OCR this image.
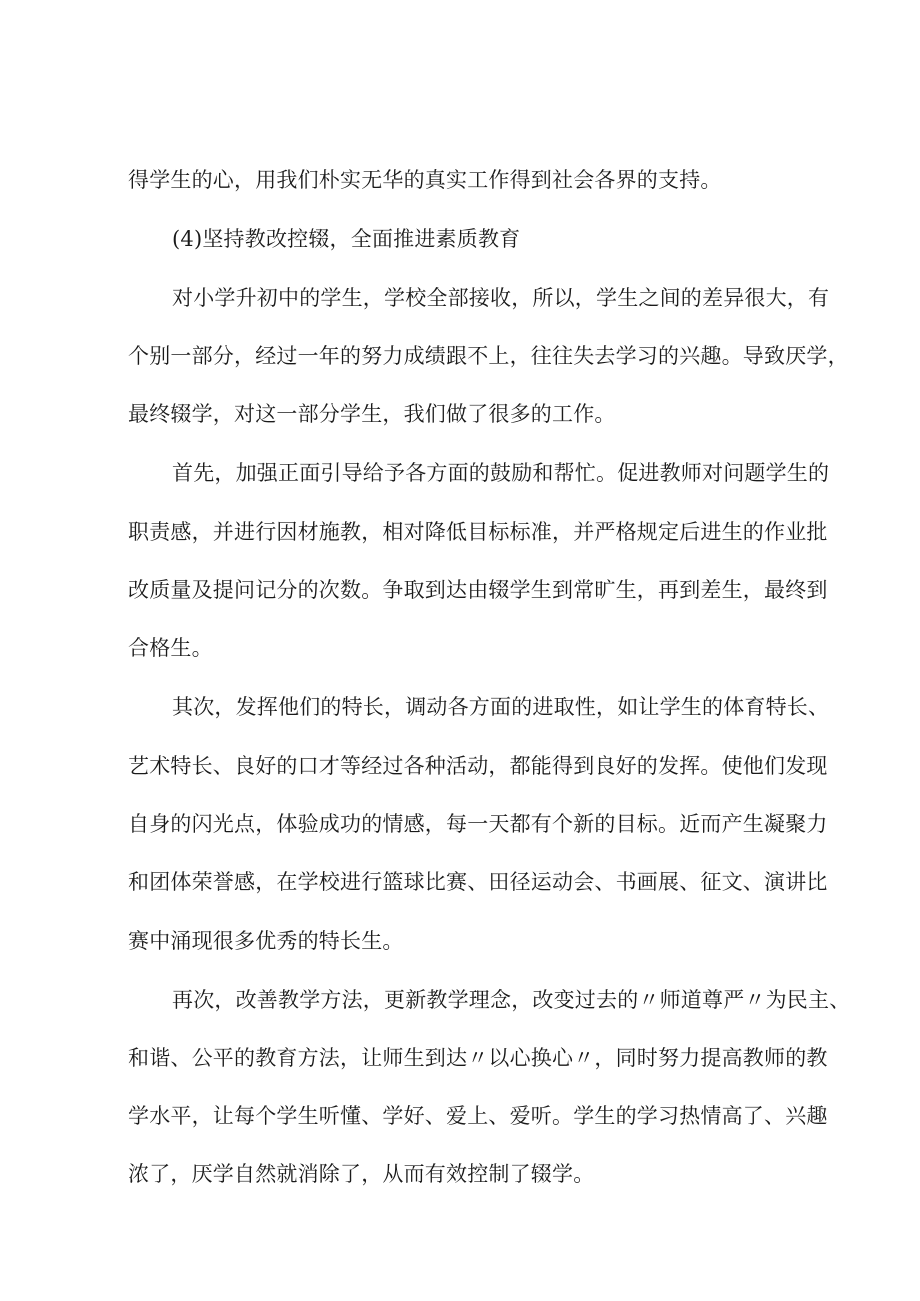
得学生的心，用我们朴实无华的真实工作得到社会各界的支持。
(4)坚持教改控辍，全面推进素质教育
对小学升初中的学生，学校全部接收，所以，学生之间的差异很大，有
个别一部分，经过一年的努力成绩跟不上，往往失去学习的兴趣。导致厌学，
最终辍学，对这一部分学生，我们做了很多的工作。
首先，加强正面引导给予各方面的鼓励和帮忙。促进教师对问题学生的
职责感，并进行因材施教，相对降低目标标准，并严格规定后进生的作业批
改质量及提问记分的次数。争取到达由辍学生到常旷生，再到差生，最终到
合格生。
其次，发挥他们的特长，调动各方面的进取性，如让学生的体育特长、
艺术特长、良好的口才等经过各种活动，都能得到良好的发挥。使他们发现
自身的闪光点，体验成功的情感，每一天都有个新的目标。近而产生凝聚力
和团体荣誉感，在学校进行篮球比赛、田径运动会、书画展、征文、演讲比
赛中涌现很多优秀的特长生。
再次，改善教学方法，更新教学理念，改变过去的〃师道尊严〃为民主、
和谐、公平的教育方法，让师生到达〃以心换心〃，同时努力提高教师的教
学水平，让每个学生听懂、学好、爱上、爱听。学生的学习热情高了、兴趣
浓了，厌学自然就消除了，从而有效控制了辍学。
